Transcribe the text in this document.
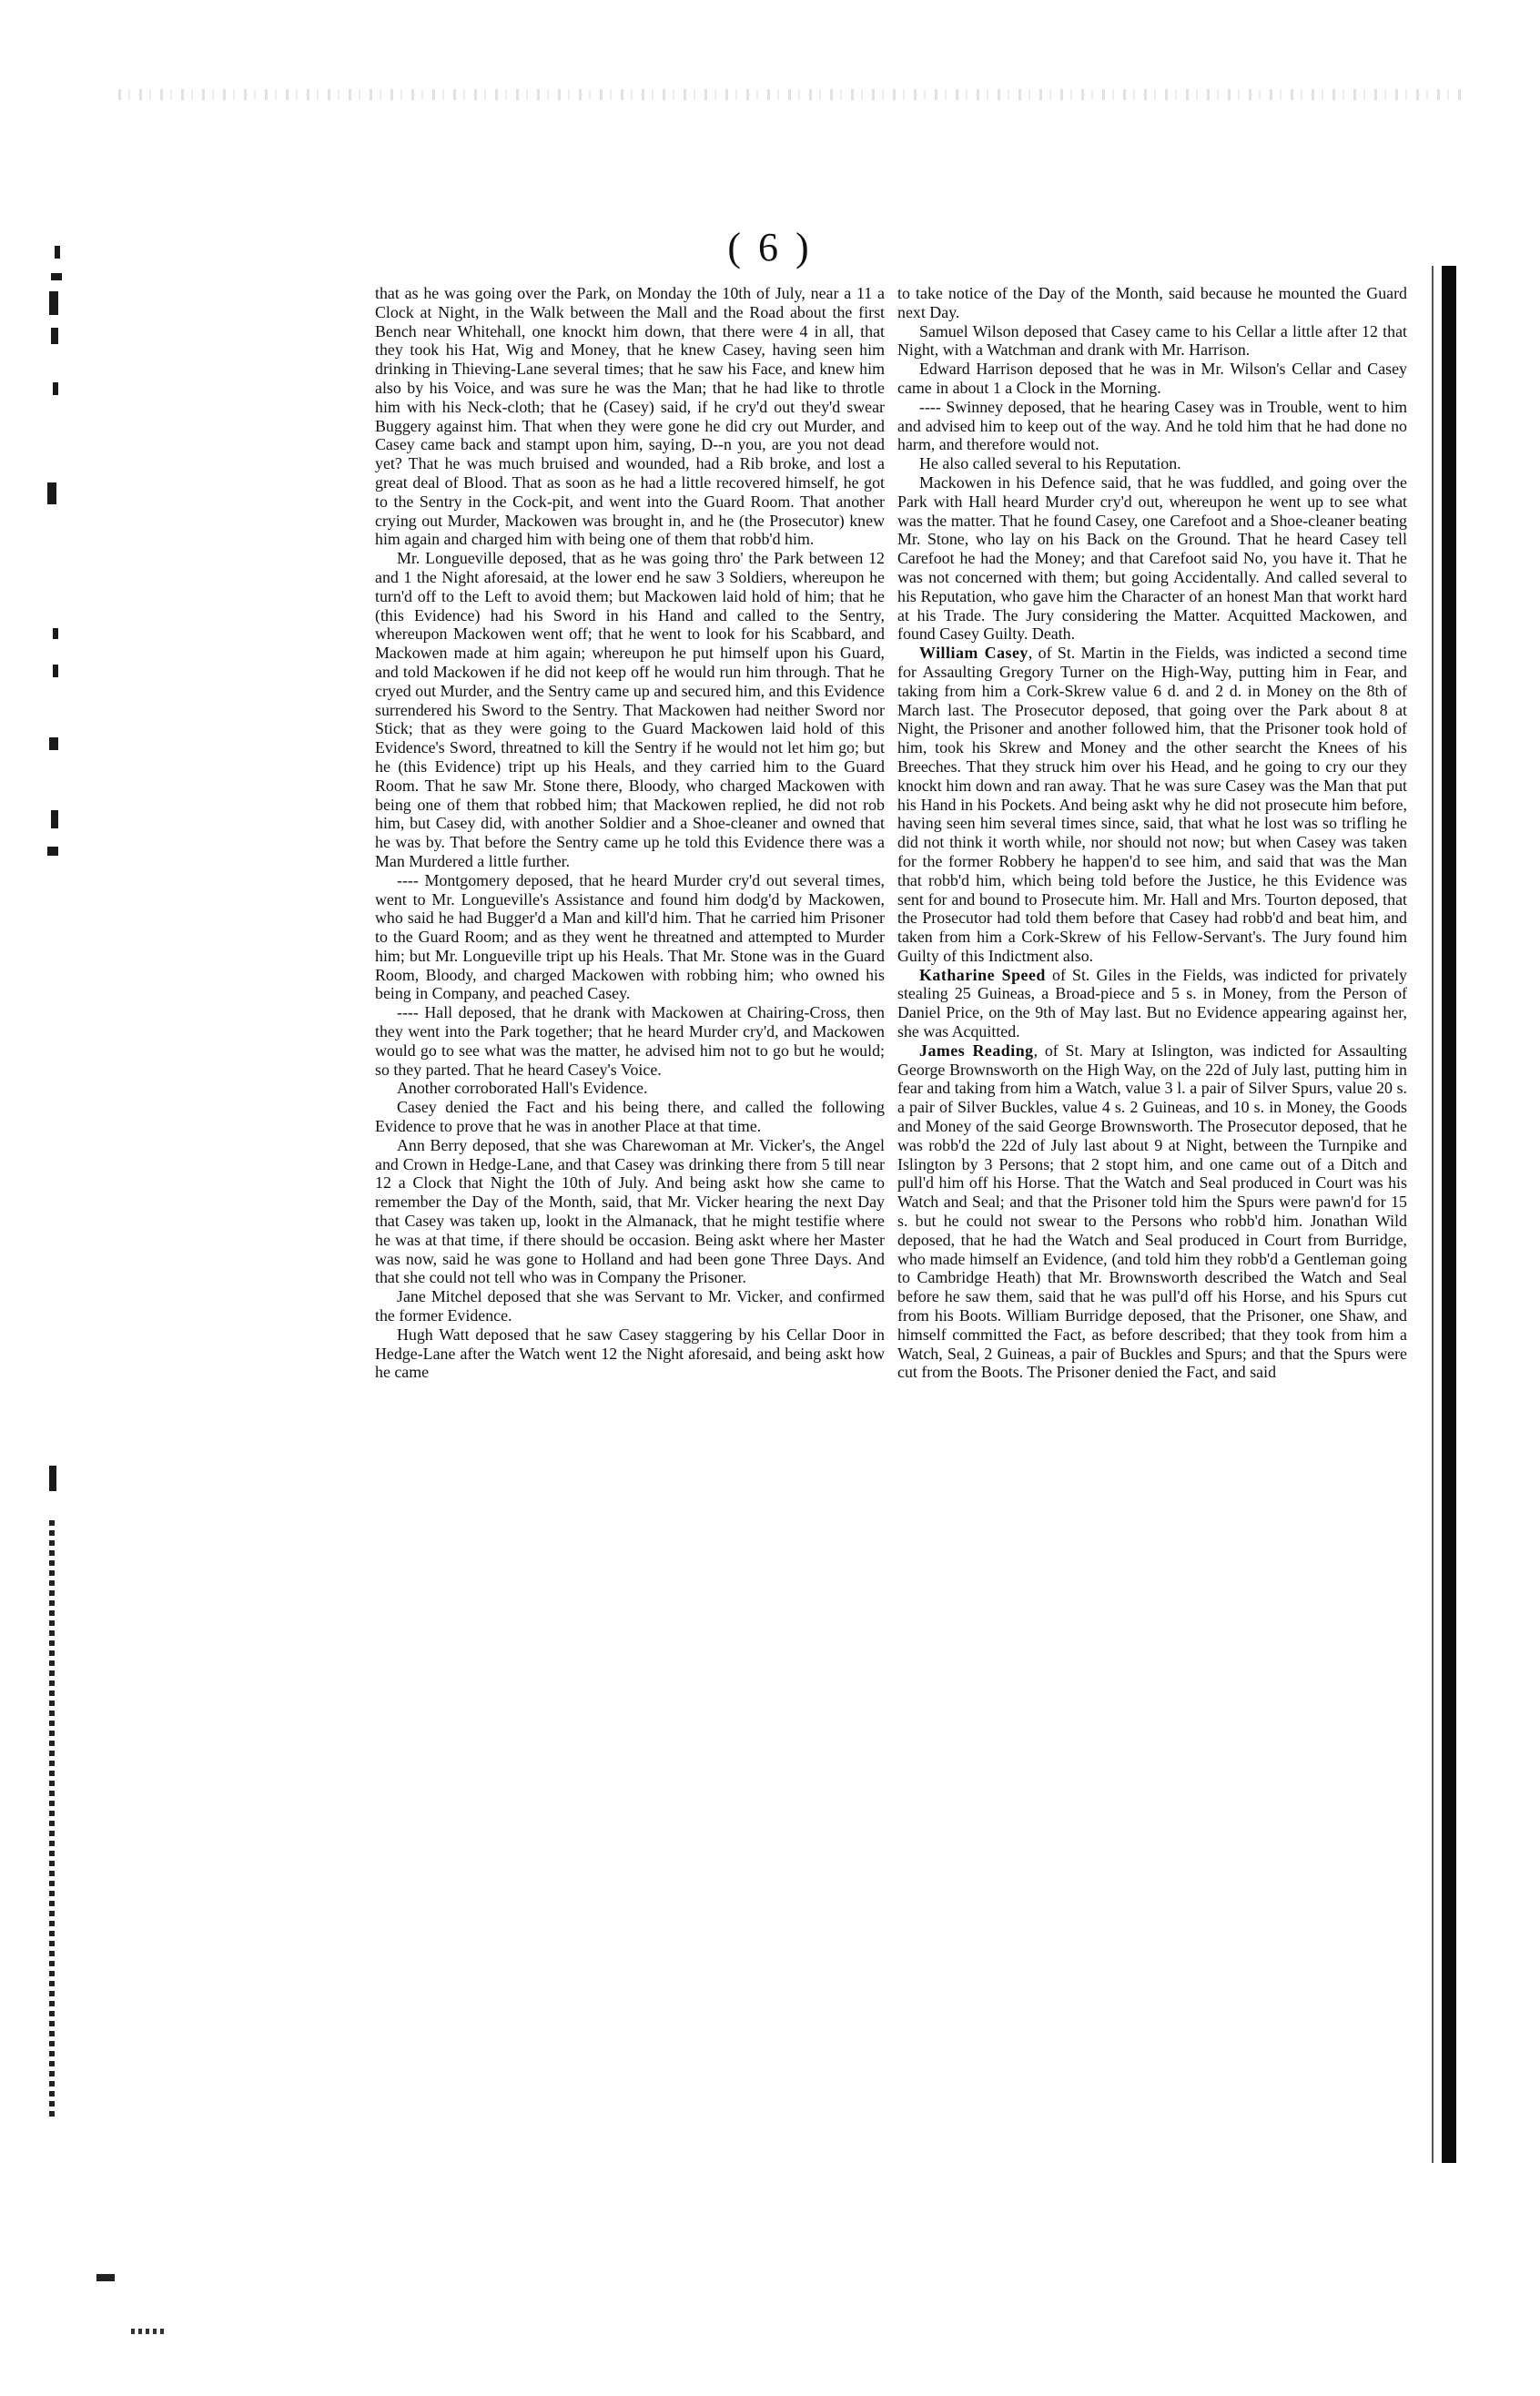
( 6 )

that as he was going over the Park, on Monday the 10th of July, near a 11 a Clock at Night, in the Walk between the Mall and the Road about the first Bench near Whitehall, one knockt him down, that there were 4 in all, that they took his Hat, Wig and Money, that he knew Casey, having seen him drinking in Thieving-Lane several times; that he saw his Face, and knew him also by his Voice, and was sure he was the Man; that he had like to throtle him with his Neck-cloth; that he (Casey) said, if he cry'd out they'd swear Buggery against him. That when they were gone he did cry out Murder, and Casey came back and stampt upon him, saying, D--n you, are you not dead yet? That he was much bruised and wounded, had a Rib broke, and lost a great deal of Blood. That as soon as he had a little recovered himself, he got to the Sentry in the Cock-pit, and went into the Guard Room. That another crying out Murder, Mackowen was brought in, and he (the Prosecutor) knew him again and charged him with being one of them that robb'd him.

Mr. Longueville deposed, that as he was going thro' the Park between 12 and 1 the Night aforesaid, at the lower end he saw 3 Soldiers, whereupon he turn'd off to the Left to avoid them; but Mackowen laid hold of him; that he (this Evidence) had his Sword in his Hand and called to the Sentry, whereupon Mackowen went off; that he went to look for his Scabbard, and Mackowen made at him again; whereupon he put himself upon his Guard, and told Mackowen if he did not keep off he would run him through. That he cryed out Murder, and the Sentry came up and secured him, and this Evidence surrendered his Sword to the Sentry. That Mackowen had neither Sword nor Stick; that as they were going to the Guard Mackowen laid hold of this Evidence's Sword, threatned to kill the Sentry if he would not let him go; but he (this Evidence) tript up his Heals, and they carried him to the Guard Room. That he saw Mr. Stone there, Bloody, who charged Mackowen with being one of them that robbed him; that Mackowen replied, he did not rob him, but Casey did, with another Soldier and a Shoe-cleaner and owned that he was by. That before the Sentry came up he told this Evidence there was a Man Murdered a little further.

---- Montgomery deposed, that he heard Murder cry'd out several times, went to Mr. Longueville's Assistance and found him dodg'd by Mackowen, who said he had Bugger'd a Man and kill'd him. That he carried him Prisoner to the Guard Room; and as they went he threatned and attempted to Murder him; but Mr. Longueville tript up his Heals. That Mr. Stone was in the Guard Room, Bloody, and charged Mackowen with robbing him; who owned his being in Company, and peached Casey.

---- Hall deposed, that he drank with Mackowen at Chairing-Cross, then they went into the Park together; that he heard Murder cry'd, and Mackowen would go to see what was the matter, he advised him not to go but he would; so they parted. That he heard Casey's Voice.

Another corroborated Hall's Evidence.

Casey denied the Fact and his being there, and called the following Evidence to prove that he was in another Place at that time.

Ann Berry deposed, that she was Charewoman at Mr. Vicker's, the Angel and Crown in Hedge-Lane, and that Casey was drinking there from 5 till near 12 a Clock that Night the 10th of July. And being askt how she came to remember the Day of the Month, said, that Mr. Vicker hearing the next Day that Casey was taken up, lookt in the Almanack, that he might testifie where he was at that time, if there should be occasion. Being askt where her Master was now, said he was gone to Holland and had been gone Three Days. And that she could not tell who was in Company the Prisoner.

Jane Mitchel deposed that she was Servant to Mr. Vicker, and confirmed the former Evidence.

Hugh Watt deposed that he saw Casey staggering by his Cellar Door in Hedge-Lane after the Watch went 12 the Night aforesaid, and being askt how he came

to take notice of the Day of the Month, said because he mounted the Guard next Day.

Samuel Wilson deposed that Casey came to his Cellar a little after 12 that Night, with a Watchman and drank with Mr. Harrison.

Edward Harrison deposed that he was in Mr. Wilson's Cellar and Casey came in about 1 a Clock in the Morning.

---- Swinney deposed, that he hearing Casey was in Trouble, went to him and advised him to keep out of the way. And he told him that he had done no harm, and therefore would not.

He also called several to his Reputation.

Mackowen in his Defence said, that he was fuddled, and going over the Park with Hall heard Murder cry'd out, whereupon he went up to see what was the matter. That he found Casey, one Carefoot and a Shoe-cleaner beating Mr. Stone, who lay on his Back on the Ground. That he heard Casey tell Carefoot he had the Money; and that Carefoot said No, you have it. That he was not concerned with them; but going Accidentally. And called several to his Reputation, who gave him the Character of an honest Man that workt hard at his Trade. The Jury considering the Matter. Acquitted Mackowen, and found Casey Guilty. Death.

William Casey, of St. Martin in the Fields, was indicted a second time for Assaulting Gregory Turner on the High-Way, putting him in Fear, and taking from him a Cork-Skrew value 6 d. and 2 d. in Money on the 8th of March last. The Prosecutor deposed, that going over the Park about 8 at Night, the Prisoner and another followed him, that the Prisoner took hold of him, took his Skrew and Money and the other searcht the Knees of his Breeches. That they struck him over his Head, and he going to cry our they knockt him down and ran away. That he was sure Casey was the Man that put his Hand in his Pockets. And being askt why he did not prosecute him before, having seen him several times since, said, that what he lost was so trifling he did not think it worth while, nor should not now; but when Casey was taken for the former Robbery he happen'd to see him, and said that was the Man that robb'd him, which being told before the Justice, he this Evidence was sent for and bound to Prosecute him. Mr. Hall and Mrs. Tourton deposed, that the Prosecutor had told them before that Casey had robb'd and beat him, and taken from him a Cork-Skrew of his Fellow-Servant's. The Jury found him Guilty of this Indictment also.

Katharine Speed of St. Giles in the Fields, was indicted for privately stealing 25 Guineas, a Broad-piece and 5 s. in Money, from the Person of Daniel Price, on the 9th of May last. But no Evidence appearing against her, she was Acquitted.

James Reading, of St. Mary at Islington, was indicted for Assaulting George Brownsworth on the High Way, on the 22d of July last, putting him in fear and taking from him a Watch, value 3 l. a pair of Silver Spurs, value 20 s. a pair of Silver Buckles, value 4 s. 2 Guineas, and 10 s. in Money, the Goods and Money of the said George Brownsworth. The Prosecutor deposed, that he was robb'd the 22d of July last about 9 at Night, between the Turnpike and Islington by 3 Persons; that 2 stopt him, and one came out of a Ditch and pull'd him off his Horse. That the Watch and Seal produced in Court was his Watch and Seal; and that the Prisoner told him the Spurs were pawn'd for 15 s. but he could not swear to the Persons who robb'd him. Jonathan Wild deposed, that he had the Watch and Seal produced in Court from Burridge, who made himself an Evidence, (and told him they robb'd a Gentleman going to Cambridge Heath) that Mr. Brownsworth described the Watch and Seal before he saw them, said that he was pull'd off his Horse, and his Spurs cut from his Boots. William Burridge deposed, that the Prisoner, one Shaw, and himself committed the Fact, as before described; that they took from him a Watch, Seal, 2 Guineas, a pair of Buckles and Spurs; and that the Spurs were cut from the Boots. The Prisoner denied the Fact, and said
